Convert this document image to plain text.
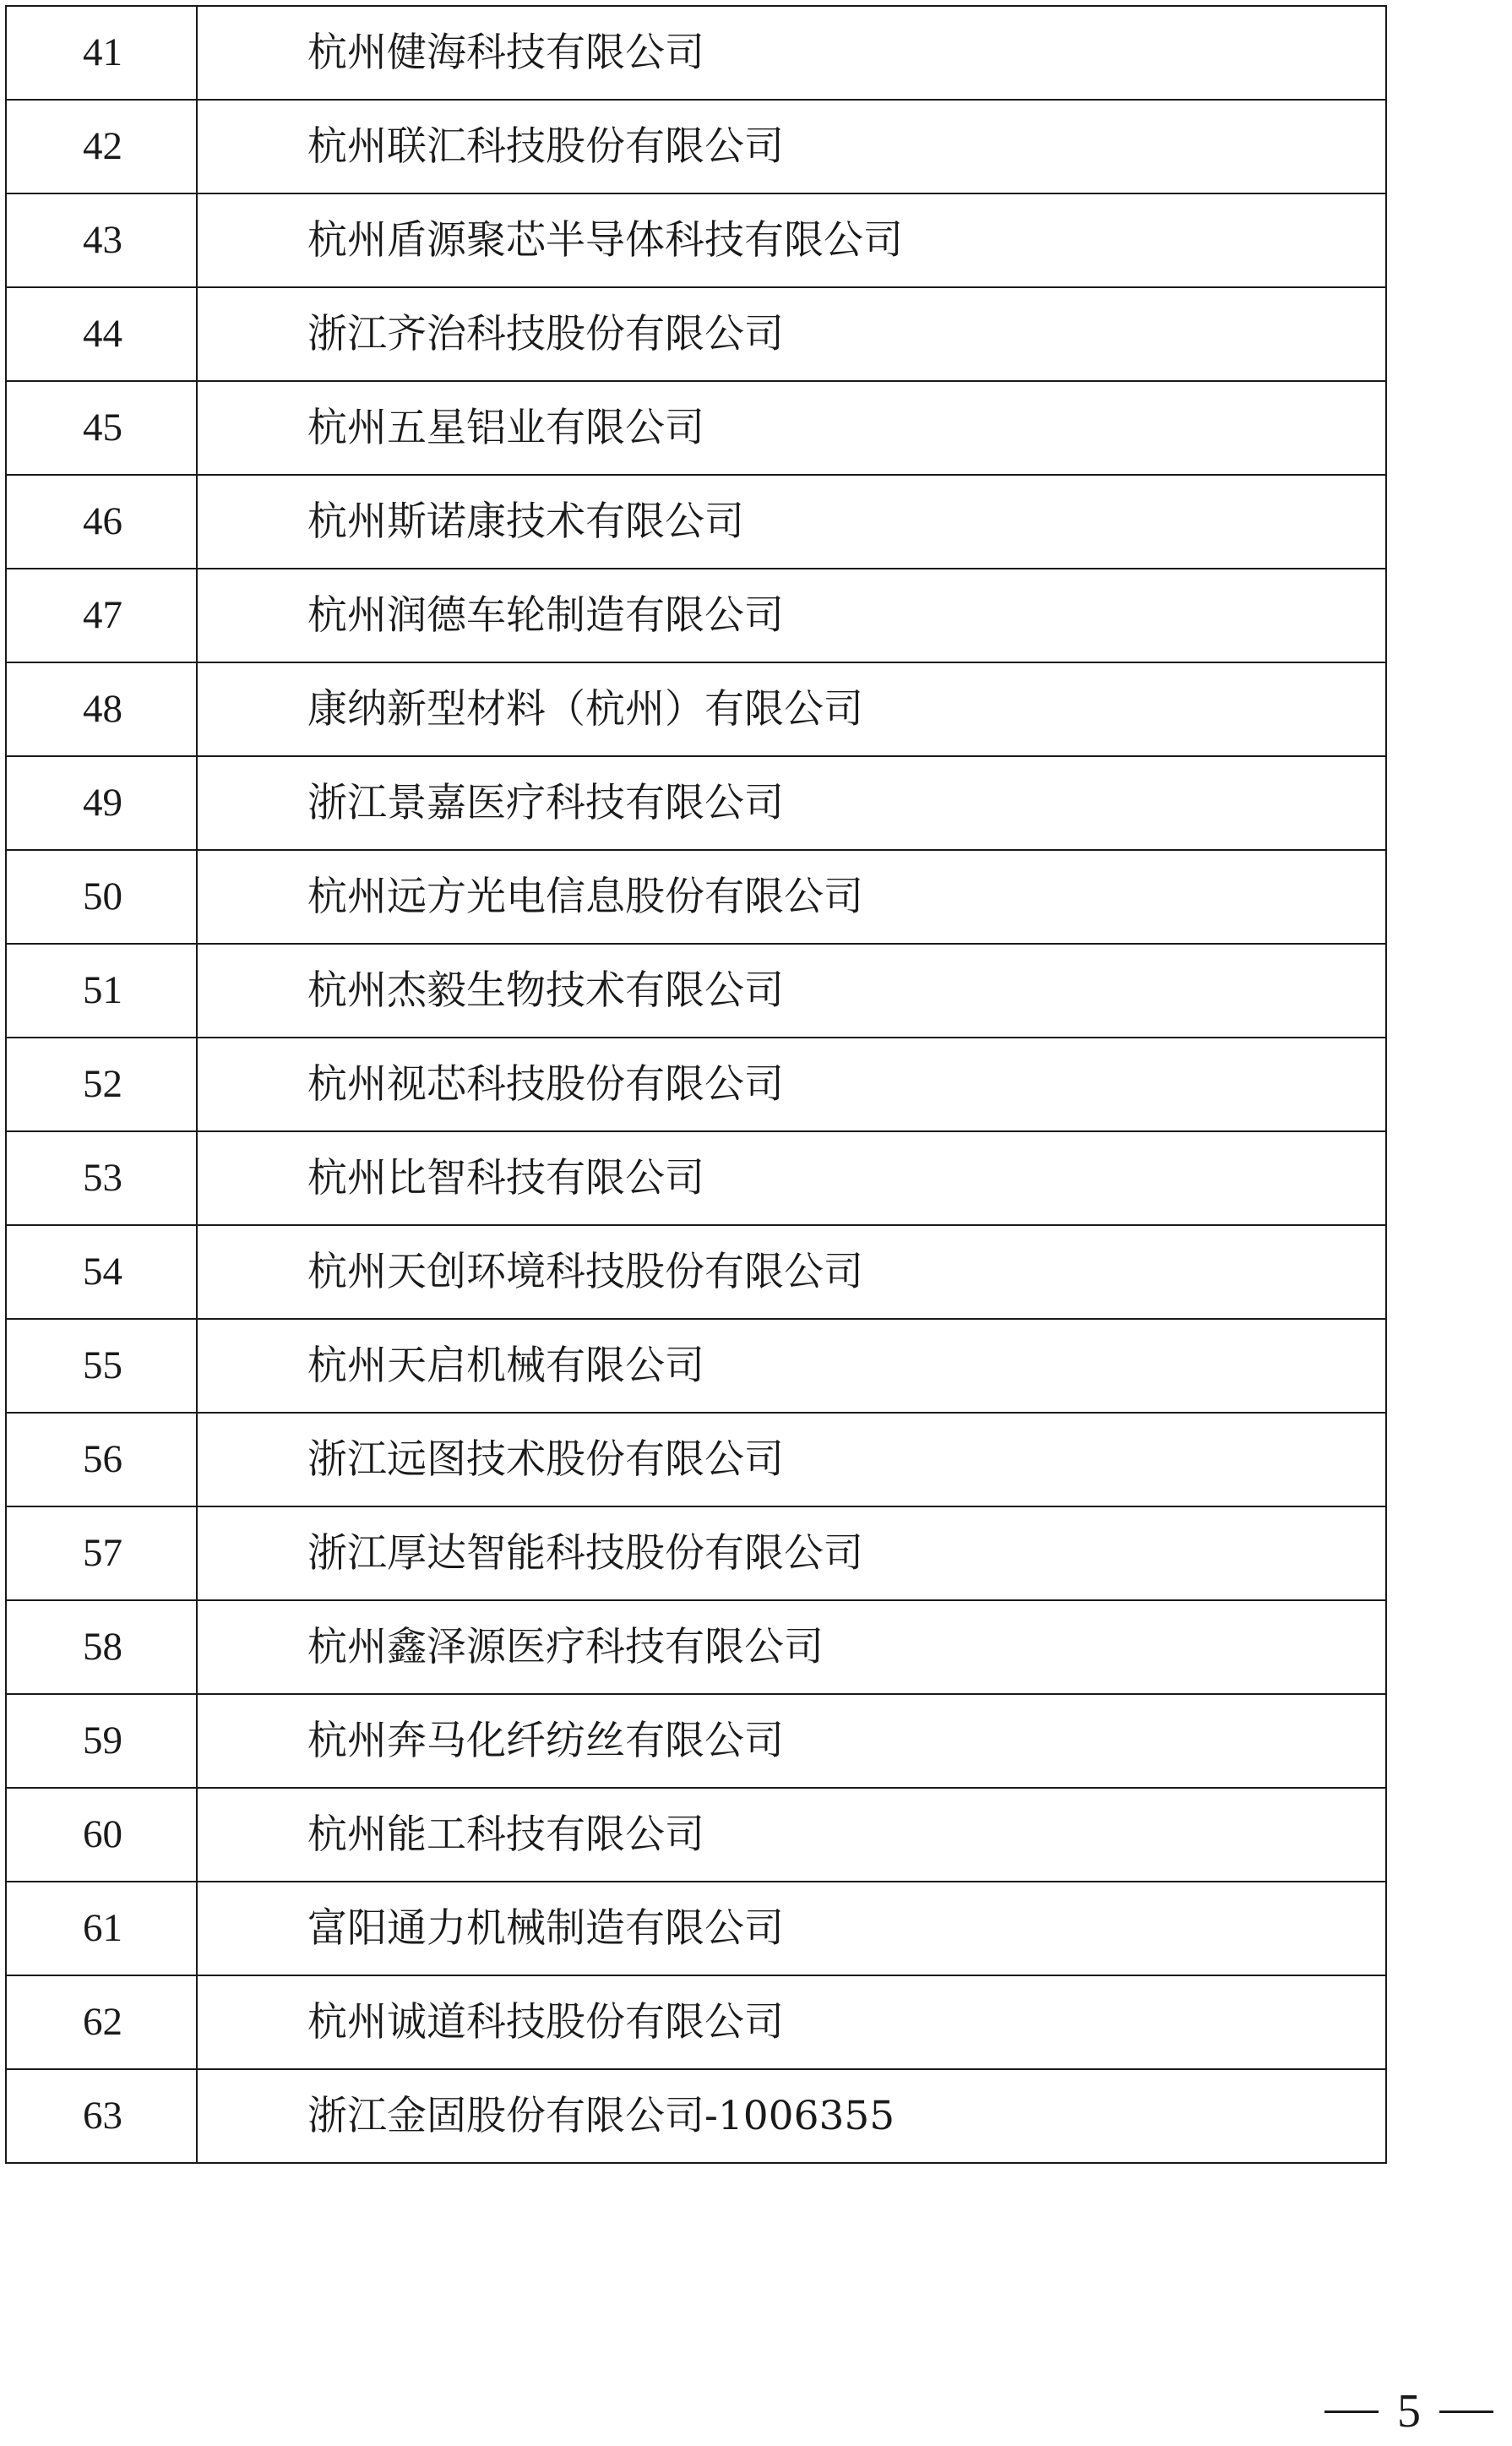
41	杭州健海科技有限公司
42	杭州联汇科技股份有限公司
43	杭州盾源聚芯半导体科技有限公司
44	浙江齐治科技股份有限公司
45	杭州五星铝业有限公司
46	杭州斯诺康技术有限公司
47	杭州润德车轮制造有限公司
48	康纳新型材料（杭州）有限公司
49	浙江景嘉医疗科技有限公司
50	杭州远方光电信息股份有限公司
51	杭州杰毅生物技术有限公司
52	杭州视芯科技股份有限公司
53	杭州比智科技有限公司
54	杭州天创环境科技股份有限公司
55	杭州天启机械有限公司
56	浙江远图技术股份有限公司
57	浙江厚达智能科技股份有限公司
58	杭州鑫泽源医疗科技有限公司
59	杭州奔马化纤纺丝有限公司
60	杭州能工科技有限公司
61	富阳通力机械制造有限公司
62	杭州诚道科技股份有限公司
63	浙江金固股份有限公司-1006355
5
